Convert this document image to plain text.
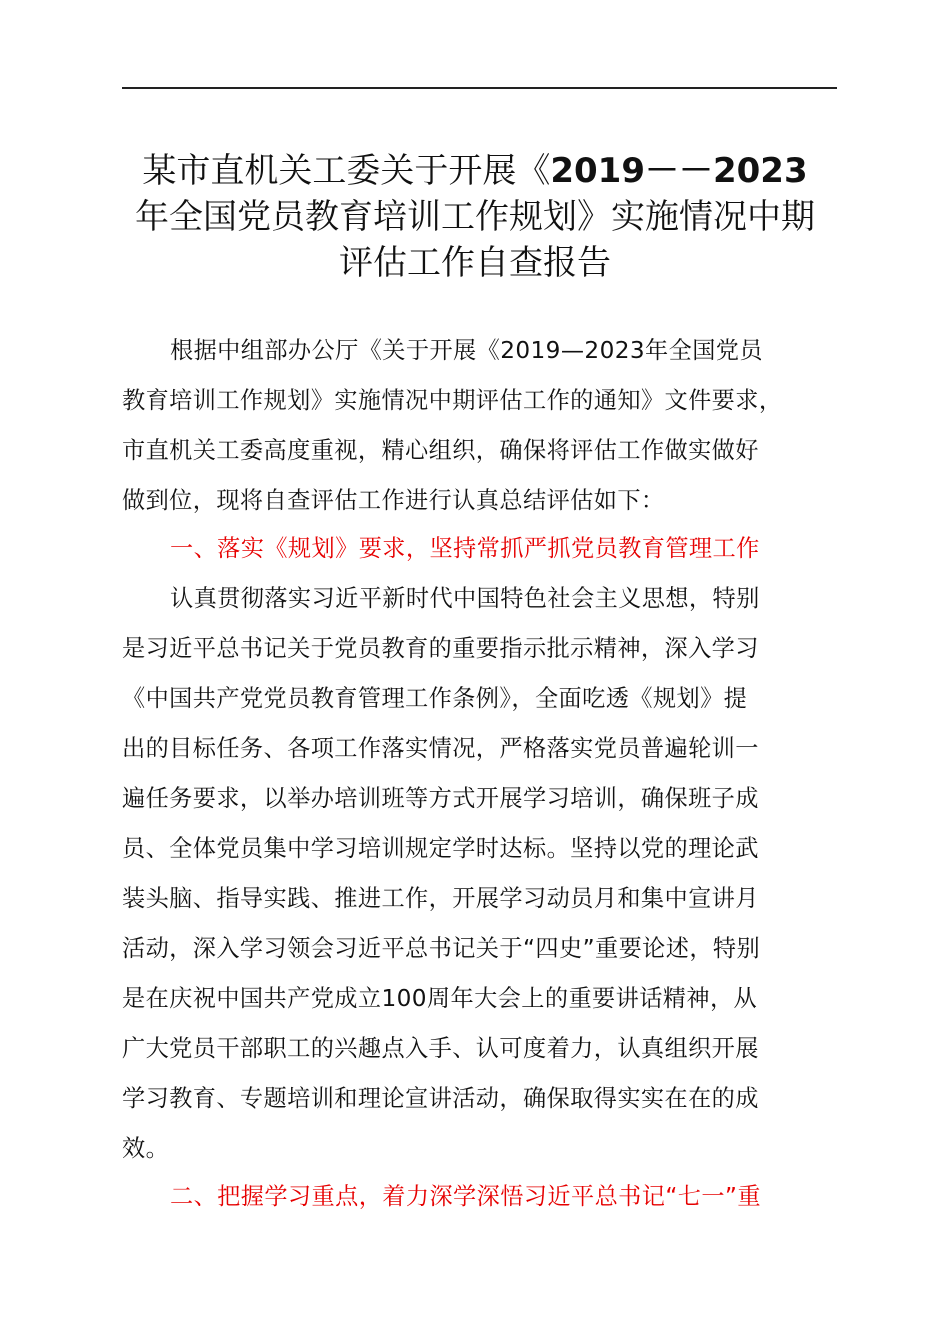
某市直机关工委关于开展《2019－－2023
年全国党员教育培训工作规划》实施情况中期
评估工作自查报告
根据中组部办公厅《关于开展《2019—2023年全国党员
教育培训工作规划》实施情况中期评估工作的通知》文件要求，
市直机关工委高度重视，精心组织，确保将评估工作做实做好
做到位，现将自查评估工作进行认真总结评估如下：
一、落实《规划》要求，坚持常抓严抓党员教育管理工作
认真贯彻落实习近平新时代中国特色社会主义思想，特别
是习近平总书记关于党员教育的重要指示批示精神，深入学习
《中国共产党党员教育管理工作条例》，全面吃透《规划》提
出的目标任务、各项工作落实情况，严格落实党员普遍轮训一
遍任务要求，以举办培训班等方式开展学习培训，确保班子成
员、全体党员集中学习培训规定学时达标。坚持以党的理论武
装头脑、指导实践、推进工作，开展学习动员月和集中宣讲月
活动，深入学习领会习近平总书记关于“四史”重要论述，特别
是在庆祝中国共产党成立100周年大会上的重要讲话精神，从
广大党员干部职工的兴趣点入手、认可度着力，认真组织开展
学习教育、专题培训和理论宣讲活动，确保取得实实在在的成
效。
二、把握学习重点，着力深学深悟习近平总书记“七一”重
